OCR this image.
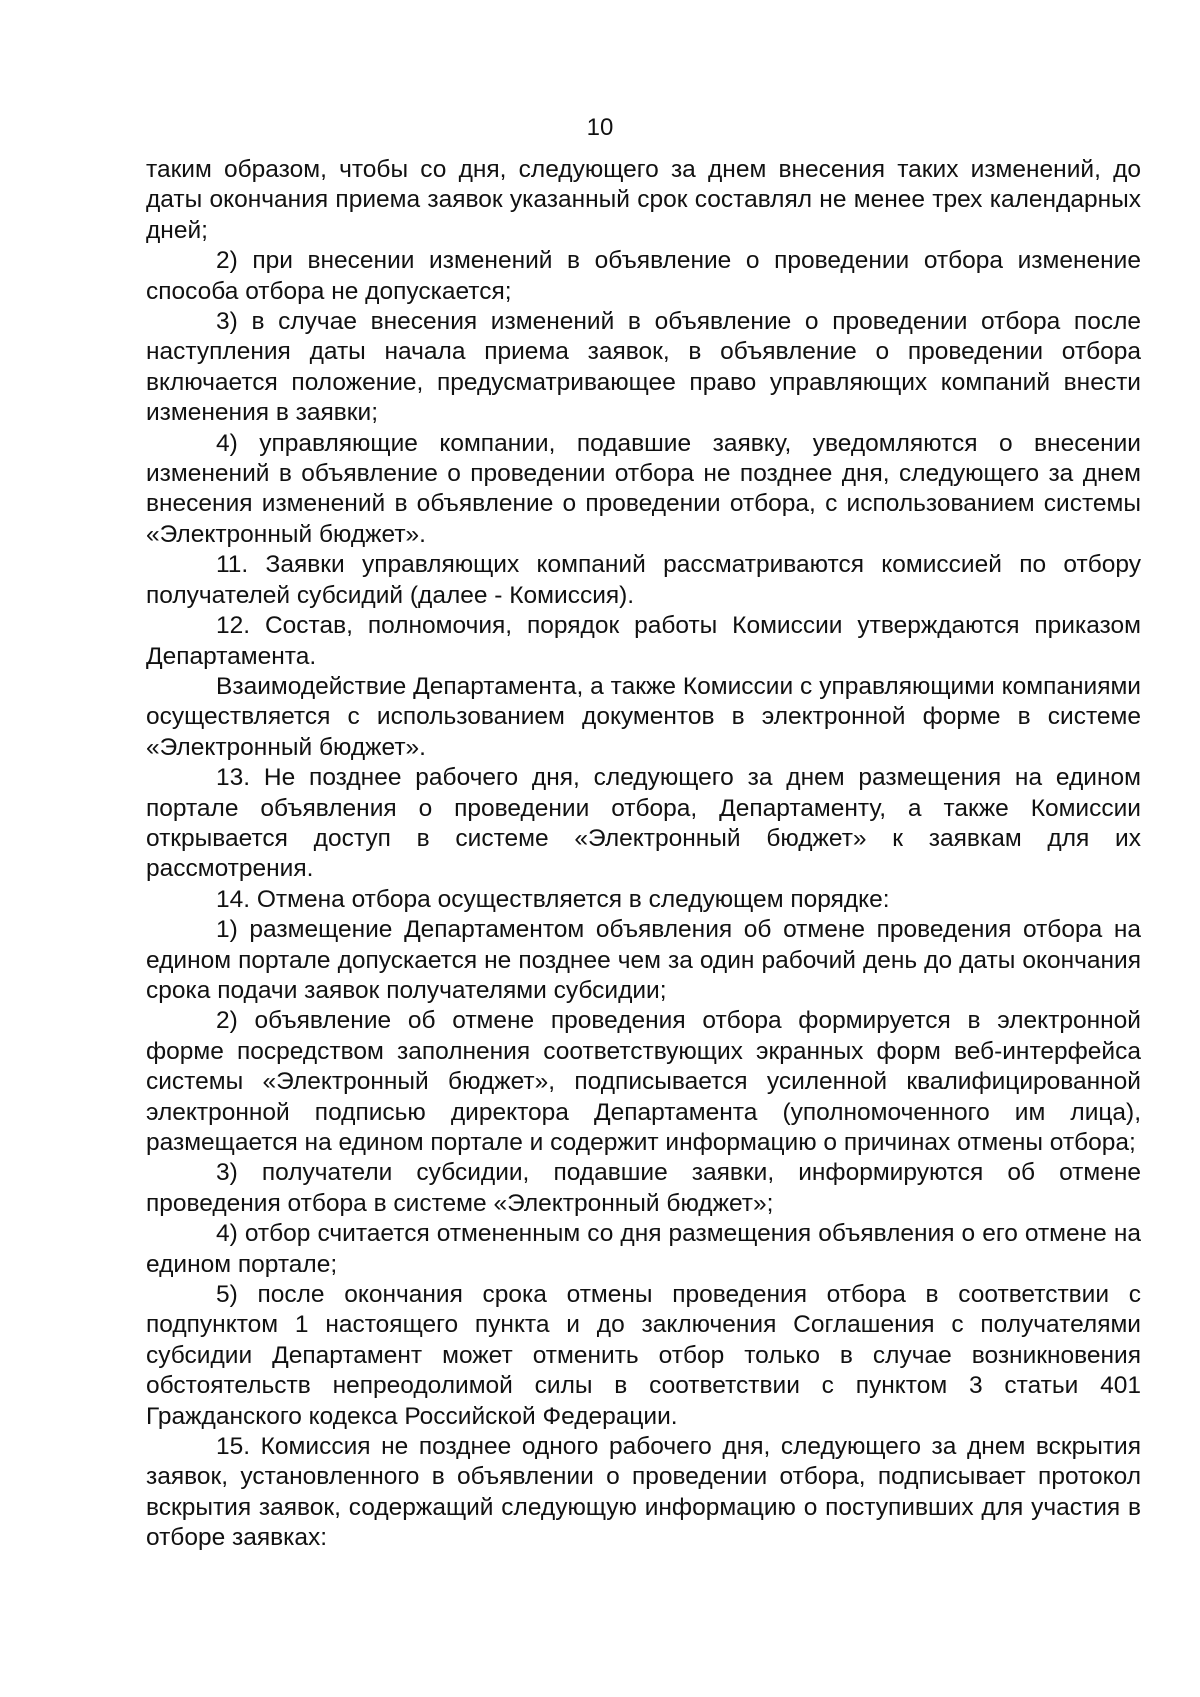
10

таким образом, чтобы со дня, следующего за днем внесения таких изменений, до даты окончания приема заявок указанный срок составлял не менее трех календарных дней;

2) при внесении изменений в объявление о проведении отбора изменение способа отбора не допускается;

3) в случае внесения изменений в объявление о проведении отбора после наступления даты начала приема заявок, в объявление о проведении отбора включается положение, предусматривающее право управляющих компаний внести изменения в заявки;

4) управляющие компании, подавшие заявку, уведомляются о внесении изменений в объявление о проведении отбора не позднее дня, следующего за днем внесения изменений в объявление о проведении отбора, с использованием системы «Электронный бюджет».

11. Заявки управляющих компаний рассматриваются комиссией по отбору получателей субсидий (далее - Комиссия).

12. Состав, полномочия, порядок работы Комиссии утверждаются приказом Департамента.

Взаимодействие Департамента, а также Комиссии с управляющими компаниями осуществляется с использованием документов в электронной форме в системе «Электронный бюджет».

13. Не позднее рабочего дня, следующего за днем размещения на едином портале объявления о проведении отбора, Департаменту, а также Комиссии открывается доступ в системе «Электронный бюджет» к заявкам для их рассмотрения.

14. Отмена отбора осуществляется в следующем порядке:

1) размещение Департаментом объявления об отмене проведения отбора на едином портале допускается не позднее чем за один рабочий день до даты окончания срока подачи заявок получателями субсидии;

2) объявление об отмене проведения отбора формируется в электронной форме посредством заполнения соответствующих экранных форм веб-интерфейса системы «Электронный бюджет», подписывается усиленной квалифицированной электронной подписью директора Департамента (уполномоченного им лица), размещается на едином портале и содержит информацию о причинах отмены отбора;

3) получатели субсидии, подавшие заявки, информируются об отмене проведения отбора в системе «Электронный бюджет»;

4) отбор считается отмененным со дня размещения объявления о его отмене на едином портале;

5) после окончания срока отмены проведения отбора в соответствии с подпунктом 1 настоящего пункта и до заключения Соглашения с получателями субсидии Департамент может отменить отбор только в случае возникновения обстоятельств непреодолимой силы в соответствии с пунктом 3 статьи 401 Гражданского кодекса Российской Федерации.

15. Комиссия не позднее одного рабочего дня, следующего за днем вскрытия заявок, установленного в объявлении о проведении отбора, подписывает протокол вскрытия заявок, содержащий следующую информацию о поступивших для участия в отборе заявках:
